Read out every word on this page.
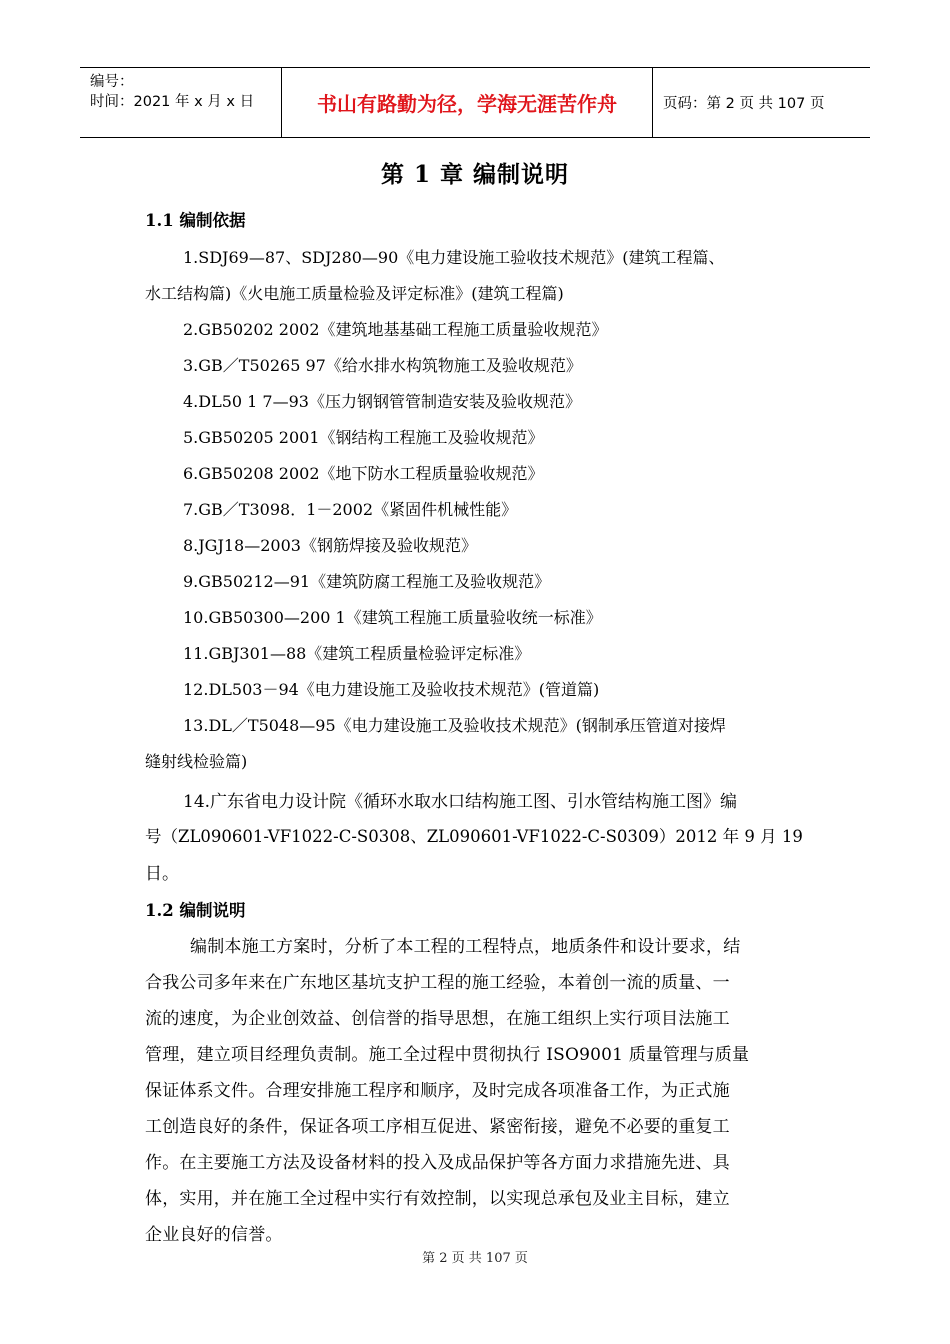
编号：
时间：2021 年 x 月 x 日	书山有路勤为径，学海无涯苦作舟	页码：第 2 页 共 107 页
第 1 章 编制说明
1.1 编制依据
1.SDJ69—87、SDJ280—90《电力建设施工验收技术规范》(建筑工程篇、
水工结构篇)《火电施工质量检验及评定标准》(建筑工程篇)
2.GB50202 2002《建筑地基基础工程施工质量验收规范》
3.GB／T50265 97《给水排水构筑物施工及验收规范》
4.DL50 1 7—93《压力钢钢管管制造安装及验收规范》
5.GB50205 2001《钢结构工程施工及验收规范》
6.GB50208 2002《地下防水工程质量验收规范》
7.GB／T3098．1－2002《紧固件机械性能》
8.JGJ18—2003《钢筋焊接及验收规范》
9.GB50212—91《建筑防腐工程施工及验收规范》
10.GB50300—200 1《建筑工程施工质量验收统一标准》
11.GBJ301—88《建筑工程质量检验评定标准》
12.DL503－94《电力建设施工及验收技术规范》(管道篇)
13.DL／T5048—95《电力建设施工及验收技术规范》(钢制承压管道对接焊
缝射线检验篇)
14.广东省电力设计院《循环水取水口结构施工图、引水管结构施工图》编
号（ZL090601-VF1022-C-S0308、ZL090601-VF1022-C-S0309）2012 年 9 月 19
日。
1.2 编制说明
编制本施工方案时，分析了本工程的工程特点，地质条件和设计要求，结
合我公司多年来在广东地区基坑支护工程的施工经验，本着创一流的质量、一
流的速度，为企业创效益、创信誉的指导思想，在施工组织上实行项目法施工
管理，建立项目经理负责制。施工全过程中贯彻执行 ISO9001 质量管理与质量
保证体系文件。合理安排施工程序和顺序，及时完成各项准备工作，为正式施
工创造良好的条件，保证各项工序相互促进、紧密衔接，避免不必要的重复工
作。在主要施工方法及设备材料的投入及成品保护等各方面力求措施先进、具
体，实用，并在施工全过程中实行有效控制，以实现总承包及业主目标，建立
企业良好的信誉。
第 2 页 共 107 页
